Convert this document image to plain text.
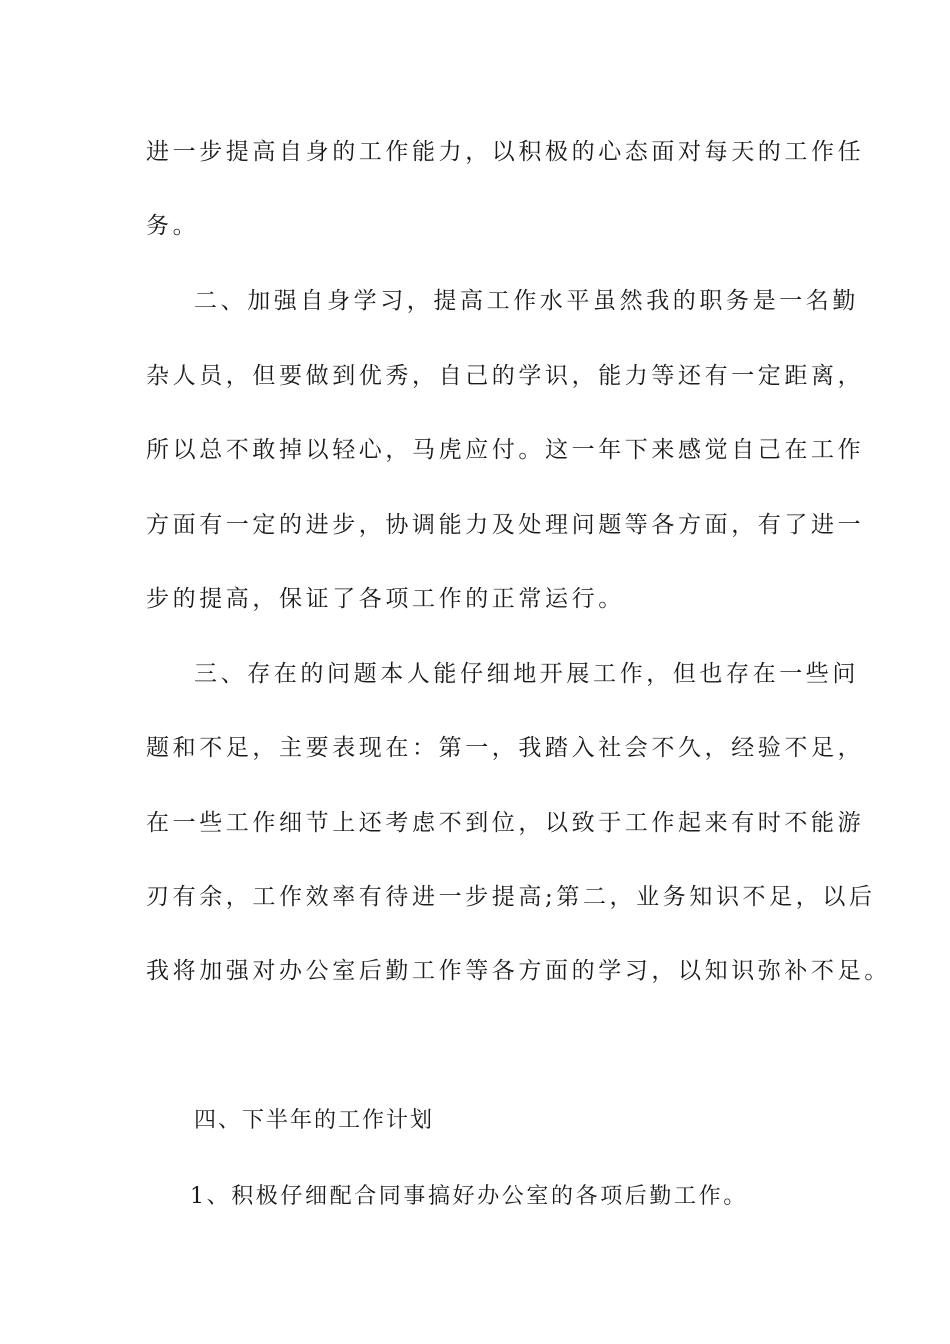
进一步提高自身的工作能力，以积极的心态面对每天的工作任
务。
二、加强自身学习，提高工作水平虽然我的职务是一名勤
杂人员，但要做到优秀，自己的学识，能力等还有一定距离，
所以总不敢掉以轻心，马虎应付。这一年下来感觉自己在工作
方面有一定的进步，协调能力及处理问题等各方面，有了进一
步的提高，保证了各项工作的正常运行。
三、存在的问题本人能仔细地开展工作，但也存在一些问
题和不足，主要表现在：第一，我踏入社会不久，经验不足，
在一些工作细节上还考虑不到位，以致于工作起来有时不能游
刃有余，工作效率有待进一步提高;第二，业务知识不足，以后
我将加强对办公室后勤工作等各方面的学习，以知识弥补不足。
四、下半年的工作计划
1、积极仔细配合同事搞好办公室的各项后勤工作。
